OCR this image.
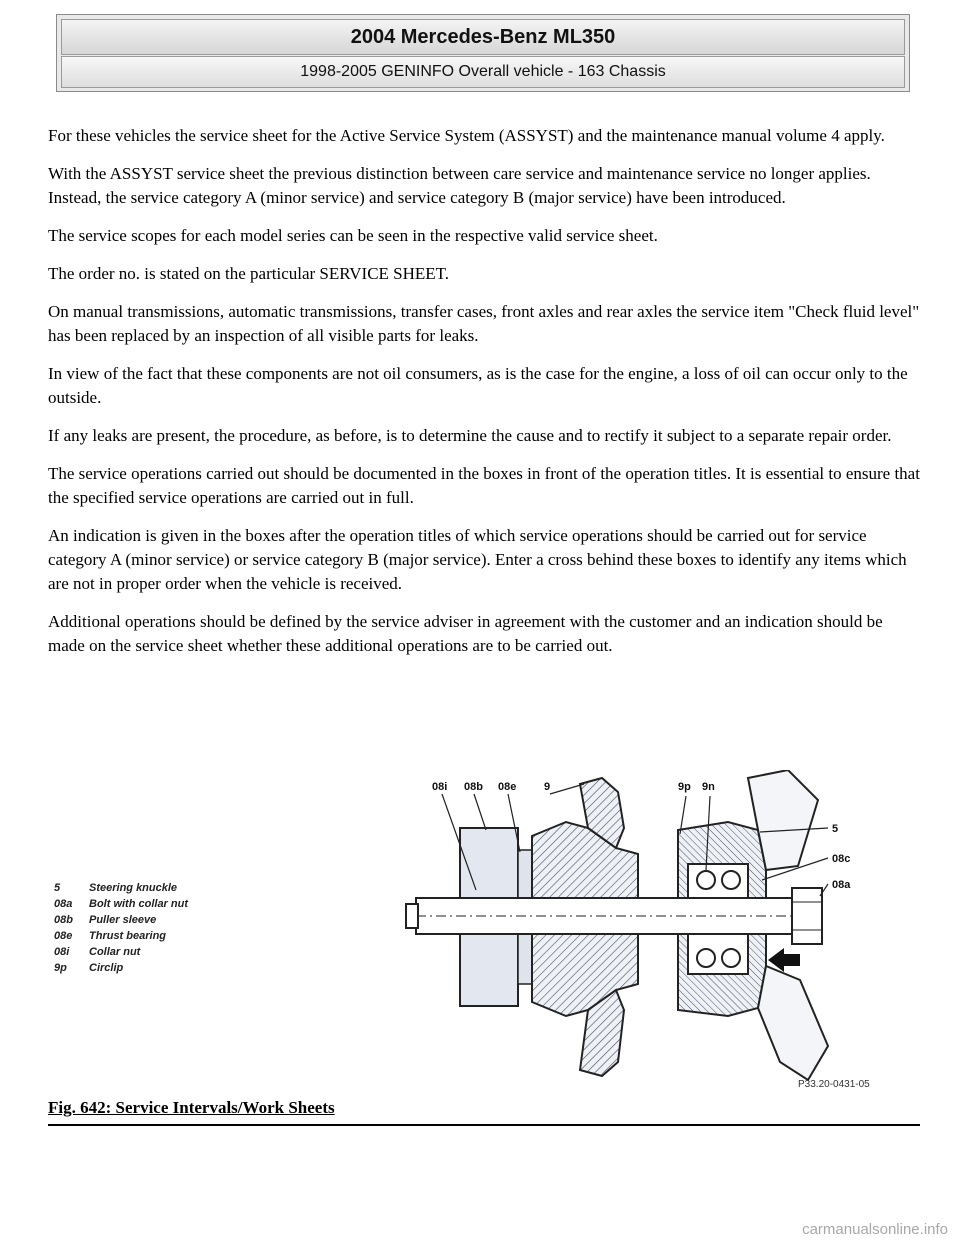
2004 Mercedes-Benz ML350
1998-2005 GENINFO Overall vehicle - 163 Chassis

For these vehicles the service sheet for the Active Service System (ASSYST) and the maintenance manual volume 4 apply.

With the ASSYST service sheet the previous distinction between care service and maintenance service no longer applies. Instead, the service category A (minor service) and service category B (major service) have been introduced.

The service scopes for each model series can be seen in the respective valid service sheet.

The order no. is stated on the particular SERVICE SHEET.

On manual transmissions, automatic transmissions, transfer cases, front axles and rear axles the service item "Check fluid level" has been replaced by an inspection of all visible parts for leaks.

In view of the fact that these components are not oil consumers, as is the case for the engine, a loss of oil can occur only to the outside.

If any leaks are present, the procedure, as before, is to determine the cause and to rectify it subject to a separate repair order.

The service operations carried out should be documented in the boxes in front of the operation titles. It is essential to ensure that the specified service operations are carried out in full.

An indication is given in the boxes after the operation titles of which service operations should be carried out for service category A (minor service) or service category B (major service). Enter a cross behind these boxes to identify any items which are not in proper order when the vehicle is received.

Additional operations should be defined by the service adviser in agreement with the customer and an indication should be made on the service sheet whether these additional operations are to be carried out.

5	Steering knuckle
08a	Bolt with collar nut
08b	Puller sleeve
08e	Thrust bearing
08i	Collar nut
9p	Circlip
08i 08b 08e	9	9p 9n
5
08c
08a
P33.20-0431-05
Fig. 642: Service Intervals/Work Sheets
carmanualsonline.info
